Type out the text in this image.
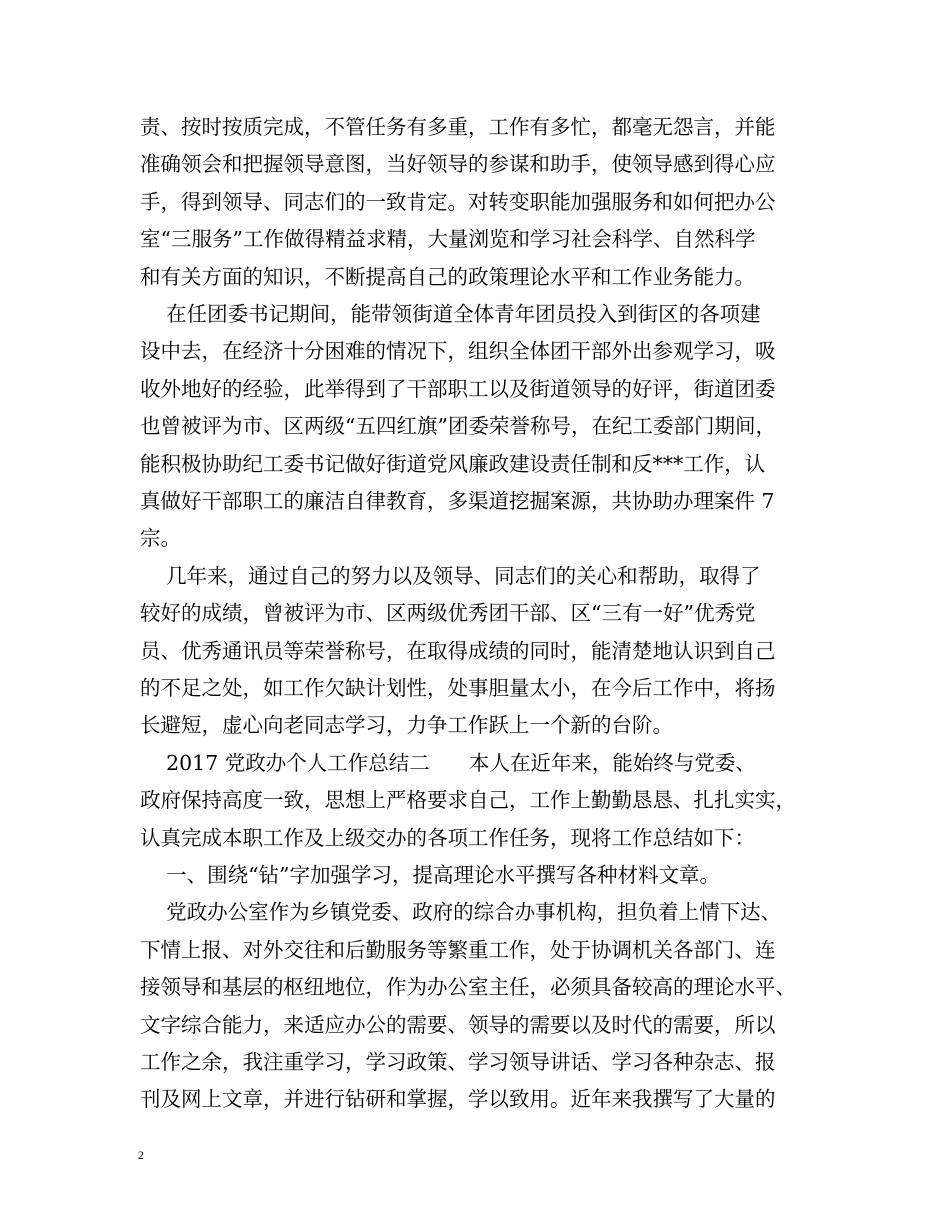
责、按时按质完成，不管任务有多重，工作有多忙，都毫无怨言，并能
准确领会和把握领导意图，当好领导的参谋和助手，使领导感到得心应
手，得到领导、同志们的一致肯定。对转变职能加强服务和如何把办公
室“三服务”工作做得精益求精，大量浏览和学习社会科学、自然科学
和有关方面的知识，不断提高自己的政策理论水平和工作业务能力。
在任团委书记期间，能带领街道全体青年团员投入到街区的各项建
设中去，在经济十分困难的情况下，组织全体团干部外出参观学习，吸
收外地好的经验，此举得到了干部职工以及街道领导的好评，街道团委
也曾被评为市、区两级“五四红旗”团委荣誉称号，在纪工委部门期间，
能积极协助纪工委书记做好街道党风廉政建设责任制和反***工作，认
真做好干部职工的廉洁自律教育，多渠道挖掘案源，共协助办理案件 7
宗。
几年来，通过自己的努力以及领导、同志们的关心和帮助，取得了
较好的成绩，曾被评为市、区两级优秀团干部、区“三有一好”优秀党
员、优秀通讯员等荣誉称号，在取得成绩的同时，能清楚地认识到自己
的不足之处，如工作欠缺计划性，处事胆量太小，在今后工作中，将扬
长避短，虚心向老同志学习，力争工作跃上一个新的台阶。
2017 党政办个人工作总结二      本人在近年来，能始终与党委、
政府保持高度一致，思想上严格要求自己，工作上勤勤恳恳、扎扎实实，
认真完成本职工作及上级交办的各项工作任务，现将工作总结如下：
一、围绕“钻”字加强学习，提高理论水平撰写各种材料文章。
党政办公室作为乡镇党委、政府的综合办事机构，担负着上情下达、
下情上报、对外交往和后勤服务等繁重工作，处于协调机关各部门、连
接领导和基层的枢纽地位，作为办公室主任，必须具备较高的理论水平、
文字综合能力，来适应办公的需要、领导的需要以及时代的需要，所以
工作之余，我注重学习，学习政策、学习领导讲话、学习各种杂志、报
刊及网上文章，并进行钻研和掌握，学以致用。近年来我撰写了大量的
2
